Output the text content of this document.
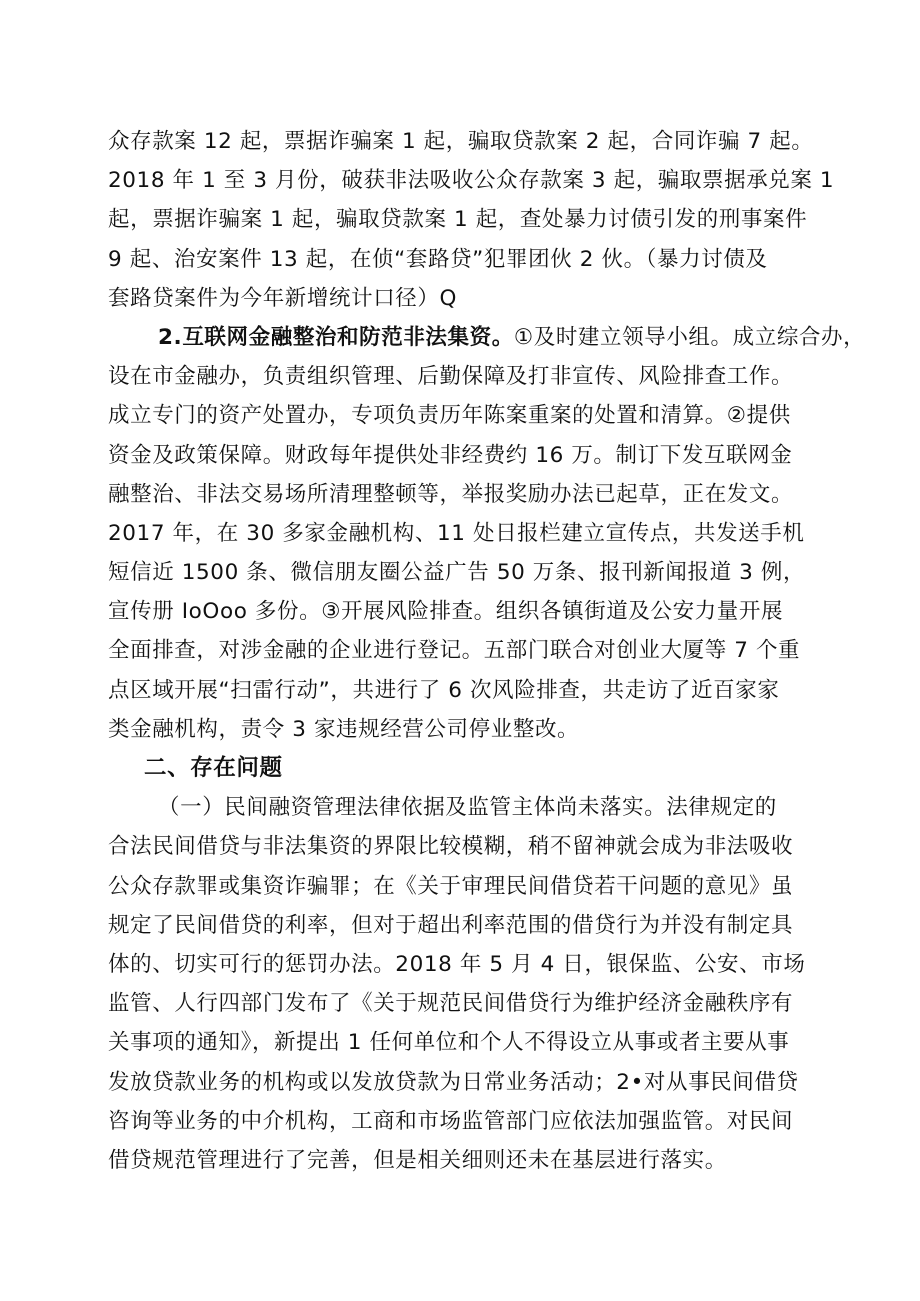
众存款案 12 起，票据诈骗案 1 起，骗取贷款案 2 起，合同诈骗 7 起。
2018 年 1 至 3 月份，破获非法吸收公众存款案 3 起，骗取票据承兑案 1
起，票据诈骗案 1 起，骗取贷款案 1 起，查处暴力讨债引发的刑事案件
9 起、治安案件 13 起，在侦“套路贷”犯罪团伙 2 伙。（暴力讨债及
套路贷案件为今年新增统计口径）Q
2.互联网金融整治和防范非法集资。①及时建立领导小组。成立综合办，
设在市金融办，负责组织管理、后勤保障及打非宣传、风险排查工作。
成立专门的资产处置办，专项负责历年陈案重案的处置和清算。②提供
资金及政策保障。财政每年提供处非经费约 16 万。制订下发互联网金
融整治、非法交易场所清理整顿等，举报奖励办法已起草，正在发文。
2017 年，在 30 多家金融机构、11 处日报栏建立宣传点，共发送手机
短信近 1500 条、微信朋友圈公益广告 50 万条、报刊新闻报道 3 例，
宣传册 IoOoo 多份。③开展风险排查。组织各镇街道及公安力量开展
全面排查，对涉金融的企业进行登记。五部门联合对创业大厦等 7 个重
点区域开展“扫雷行动”，共进行了 6 次风险排查，共走访了近百家家
类金融机构，责令 3 家违规经营公司停业整改。
二、存在问题
（一）民间融资管理法律依据及监管主体尚未落实。法律规定的
合法民间借贷与非法集资的界限比较模糊，稍不留神就会成为非法吸收
公众存款罪或集资诈骗罪；在《关于审理民间借贷若干问题的意见》虽
规定了民间借贷的利率，但对于超出利率范围的借贷行为并没有制定具
体的、切实可行的惩罚办法。2018 年 5 月 4 日，银保监、公安、市场
监管、人行四部门发布了《关于规范民间借贷行为维护经济金融秩序有
关事项的通知》，新提出 1 任何单位和个人不得设立从事或者主要从事
发放贷款业务的机构或以发放贷款为日常业务活动；2•对从事民间借贷
咨询等业务的中介机构，工商和市场监管部门应依法加强监管。对民间
借贷规范管理进行了完善，但是相关细则还未在基层进行落实。
